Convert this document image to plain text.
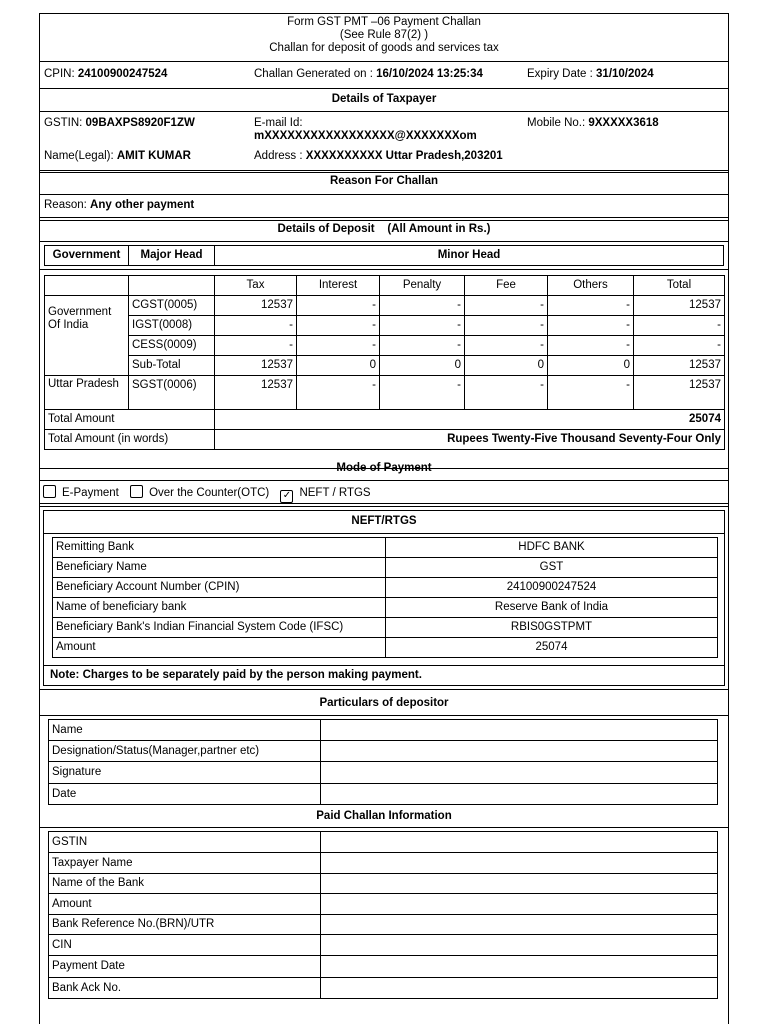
Form GST PMT –06 Payment Challan
(See Rule 87(2) )
Challan for deposit of goods and services tax
CPIN: 24100900247524	Challan Generated on : 16/10/2024 13:25:34	Expiry Date : 31/10/2024
Details of Taxpayer
GSTIN: 09BAXPS8920F1ZW	E-mail Id:
mXXXXXXXXXXXXXXXXX@XXXXXXXom
Mobile No.: 9XXXXX3618
Name(Legal): AMIT KUMAR	Address : XXXXXXXXXX Uttar Pradesh,203201
Reason For Challan
Reason: Any other payment
Details of Deposit    (All Amount in Rs.)
Government	Major Head	Minor Head
		Tax	Interest	Penalty	Fee	Others	Total
Government Of India	CGST(0005)	12537	-	-	-	-	12537
	IGST(0008)	-	-	-	-	-	-
	CESS(0009)	-	-	-	-	-	-
	Sub-Total	12537	0	0	0	0	12537
Uttar Pradesh	SGST(0006)	12537	-	-	-	-	12537
Total Amount		25074					
Total Amount (in words)		Rupees Twenty-Five Thousand Seventy-Four Only					
Mode of Payment
E-Payment	Over the Counter(OTC) ✓ NEFT / RTGS
NEFT/RTGS
Remitting Bank	HDFC BANK
Beneficiary Name	GST
Beneficiary Account Number (CPIN)	24100900247524
Name of beneficiary bank	Reserve Bank of India
Beneficiary Bank's Indian Financial System Code (IFSC)	RBIS0GSTPMT
Amount	25074
Note: Charges to be separately paid by the person making payment.
Particulars of depositor
Name	
Designation/Status(Manager,partner etc)	
Signature	
Date	
Paid Challan Information
GSTIN	
Taxpayer Name	
Name of the Bank	
Amount	
Bank Reference No.(BRN)/UTR	
CIN	
Payment Date	
Bank Ack No.	
